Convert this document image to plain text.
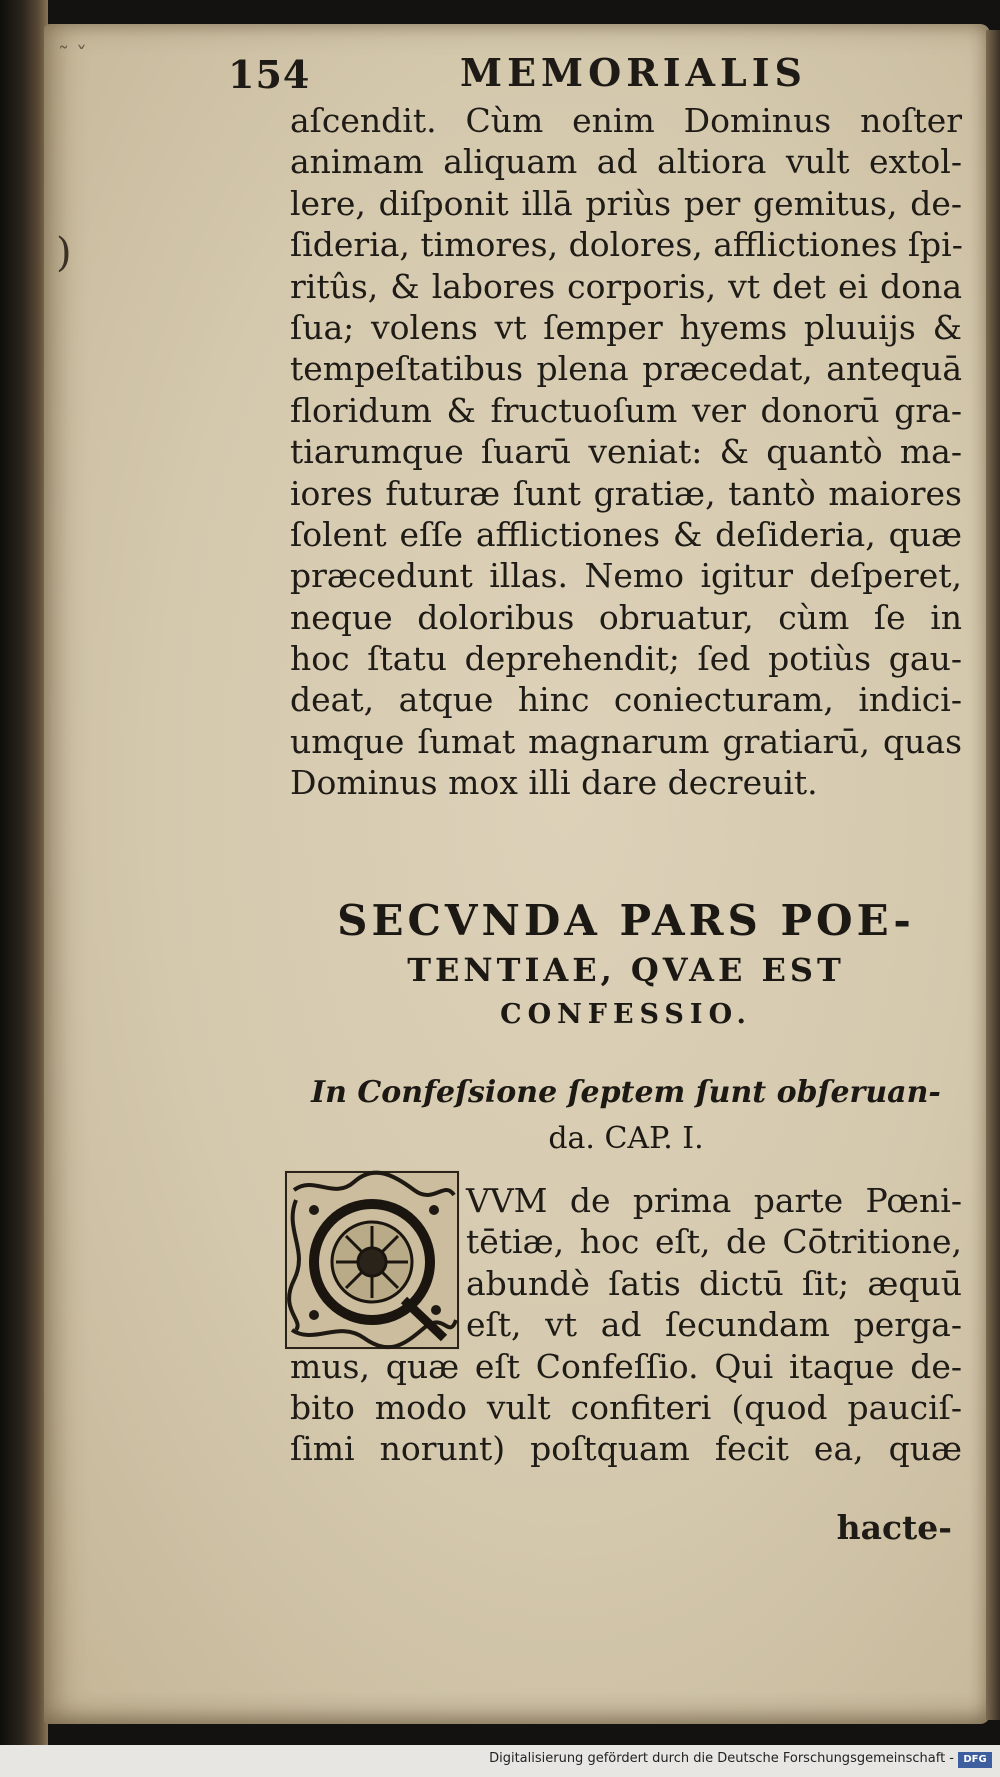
˜ ˇ
)
154	MEMORIALIS
aſcendit. Cùm enim Dominus noſter
animam aliquam ad altiora vult extol-
lere, diſponit illā priùs per gemitus, de-
ſideria, timores, dolores, afflictiones ſpi-
ritûs, & labores corporis, vt det ei dona
ſua; volens vt ſemper hyems pluuijs &
tempeſtatibus plena præcedat, antequā
floridum & fructuoſum ver donorū gra-
tiarumque ſuarū veniat: & quantò ma-
iores futuræ ſunt gratiæ, tantò maiores
ſolent eſſe afflictiones & deſideria, quæ
præcedunt illas. Nemo igitur deſperet,
neque doloribus obruatur, cùm ſe in
hoc ſtatu deprehendit; ſed potiùs gau-
deat, atque hinc coniecturam, indici-
umque ſumat magnarum gratiarū, quas
Dominus mox illi dare decreuit.
SECVNDA PARS POE-
TENTIAE, QVAE EST
CONFESSIO.
In Confeſsione ſeptem ſunt obſeruan-
da. CAP. I.
VVM de prima parte Pœni-
tētiæ, hoc eſt, de Cōtritione,
abundè ſatis dictū ſit; æquū
eſt, vt ad ſecundam perga-
mus, quæ eſt Confeſſio. Qui itaque de-
bito modo vult confiteri (quod pauciſ-
ſimi norunt) poſtquam fecit ea, quæ
hacte-
Digitalisierung gefördert durch die Deutsche Forschungsgemeinschaft - DFG
